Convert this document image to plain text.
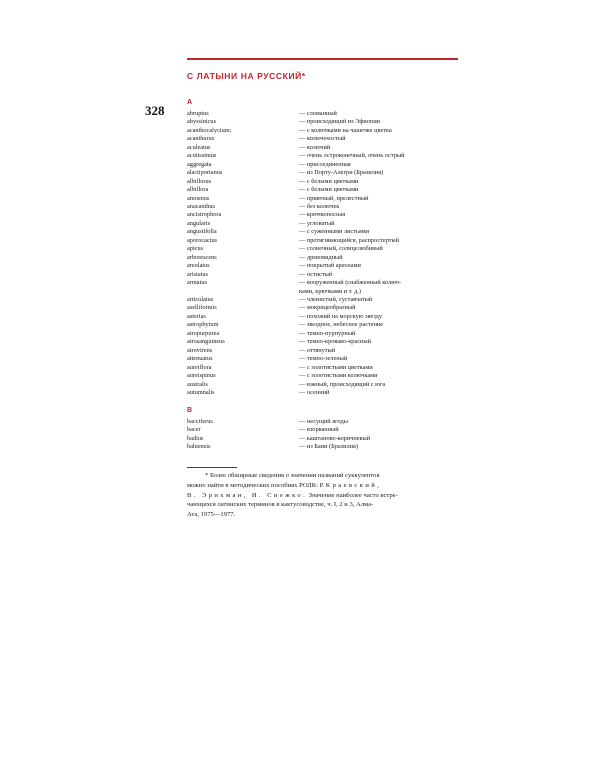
С ЛАТЫНИ НА РУССКИЙ*
328
А
abruptus	— сломанный
abyssinicus	— происходящий из Эфиопии
acanthocalycium;	— с колючками на чашечке цветка
acanthurus	— колючехостый
aculeatus	— колючий
acutissimus	— очень остроконечный, очень острый
aggregata	— присоединенная
alactiportanus	— из Порту-Алегри (Бразилия)
albiflorus	— с белыми цветками
albiflora	— с белыми цветками
amoenus	— приятный, прелестный
anacanthus	— без колючек
ancistrophora	— крючконосная
angularis	— угловатый
angustifolia	— с суженными листьями
aporocactus	— протягивающийся, распростертый
apicus	— солнечный, солнцелюбивый
arborescens	— древовидный
areolatus	— покрытый ареолами
aristatus	— остистый
armatus	— вооруженный (снабженный колюч-
ками, крючками и т. д.)
articulatus	— членистый, суставчатый
aselliformis	— мокрицеобразный
asterias	— похожий на морскую звезду
astrophytum	— звездное, небесное растение
atropurpurea	— темно-пурпурный
atrosanguineus	— темно-кроваво-красный
atrovirens	— оттянутый
attenuatus	— темно-зеленый
aureiflora	— с золотистыми цветками
aureispinus	— с золотистыми колючками
australis	— южный, происходящий с юга
autumnalis	— осенний
В
bacciferus	— несущий ягоды
bacer	— взорванный
badius	— каштаново-коричневый
bahiensis	— из Баии (Бразилия)
* Более обширные сведения о значении названий суккулентов
можно найти в методических пособиях РОЛК: Р. Краевский,
В. Эрихман, И. Снежко. Значение наиболее часто встре-
чающихся латинских терминов в кактусоводстве, ч. I, 2 и 3, Алма-
Ата, 1975—1977.
